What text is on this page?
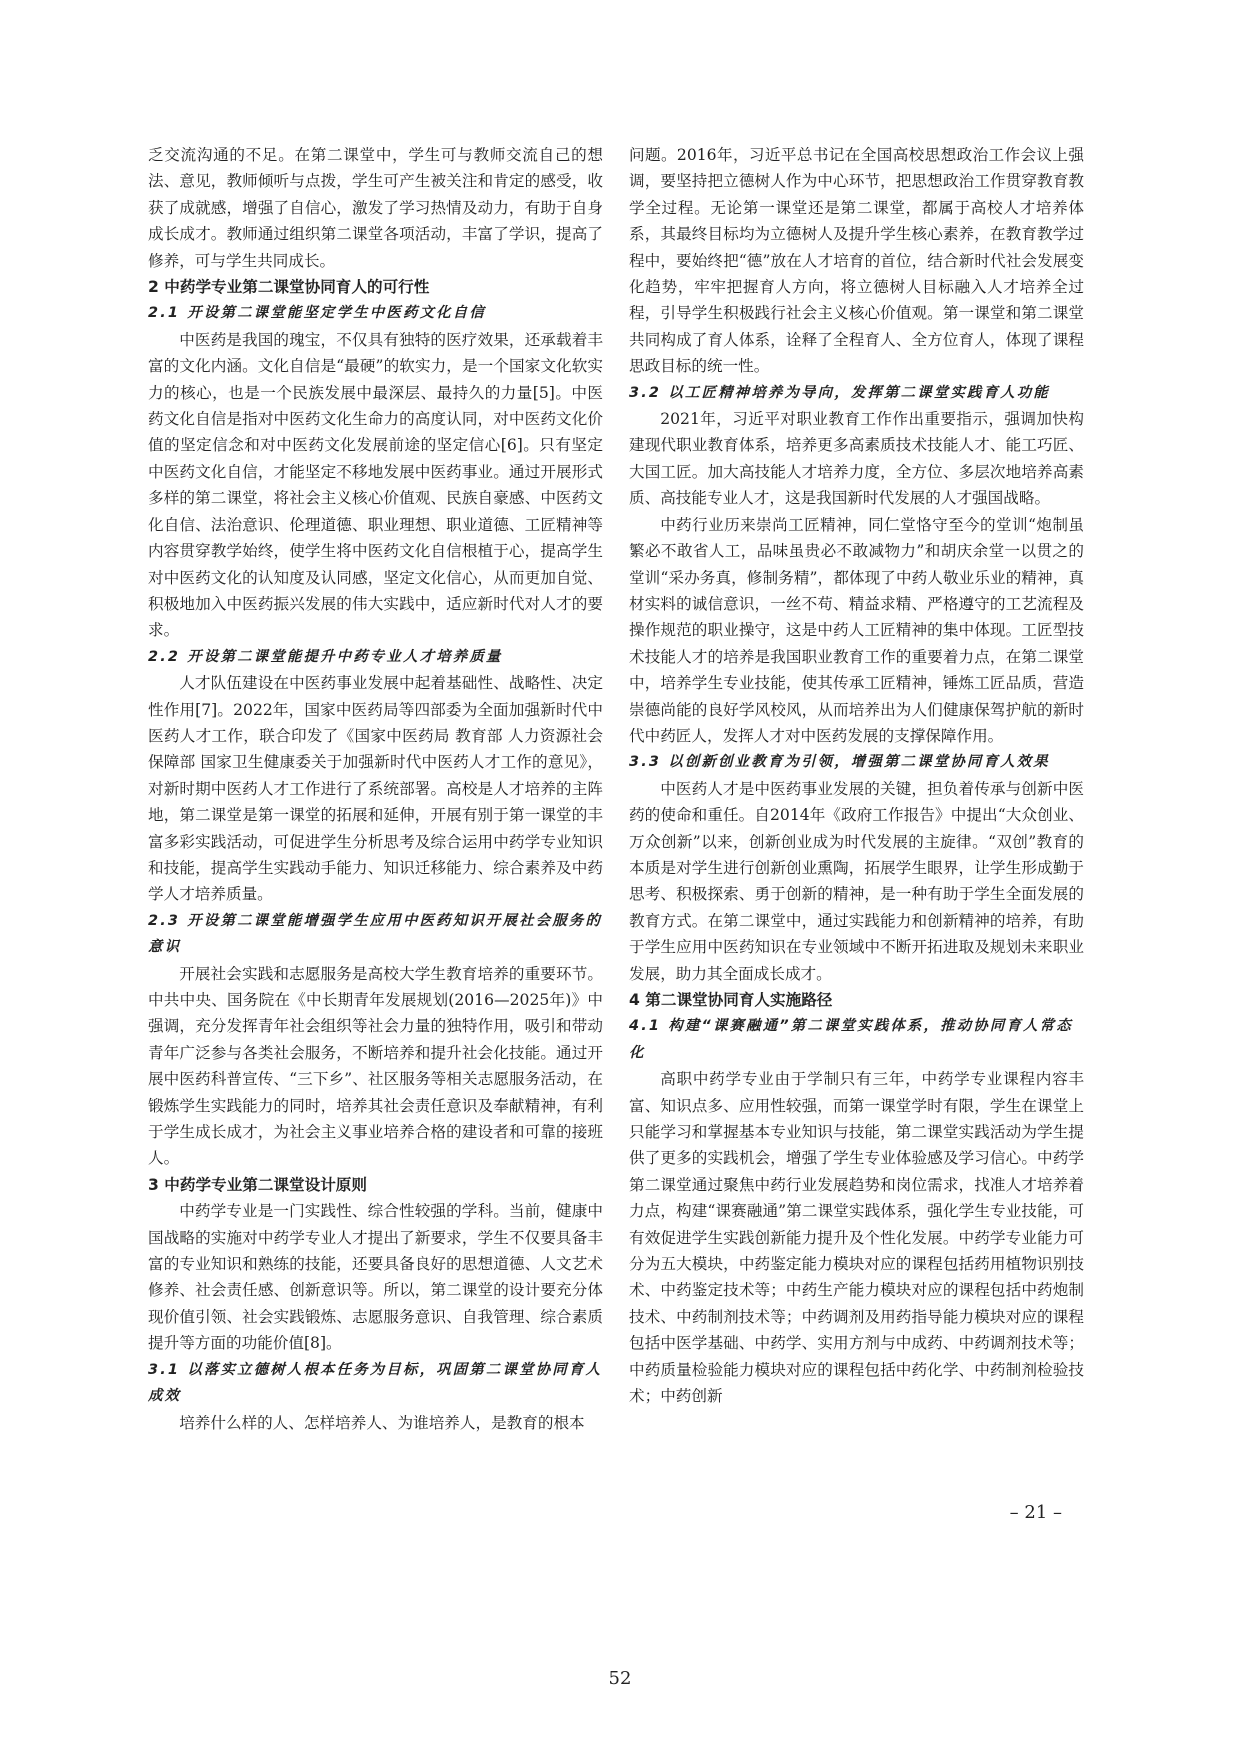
乏交流沟通的不足。在第二课堂中，学生可与教师交流自己的想法、意见，教师倾听与点拨，学生可产生被关注和肯定的感受，收获了成就感，增强了自信心，激发了学习热情及动力，有助于自身成长成才。教师通过组织第二课堂各项活动，丰富了学识，提高了修养，可与学生共同成长。
2 中药学专业第二课堂协同育人的可行性
2.1 开设第二课堂能坚定学生中医药文化自信
中医药是我国的瑰宝，不仅具有独特的医疗效果，还承载着丰富的文化内涵。文化自信是“最硬”的软实力，是一个国家文化软实力的核心，也是一个民族发展中最深层、最持久的力量[5]。中医药文化自信是指对中医药文化生命力的高度认同，对中医药文化价值的坚定信念和对中医药文化发展前途的坚定信心[6]。只有坚定中医药文化自信，才能坚定不移地发展中医药事业。通过开展形式多样的第二课堂，将社会主义核心价值观、民族自豪感、中医药文化自信、法治意识、伦理道德、职业理想、职业道德、工匠精神等内容贯穿教学始终，使学生将中医药文化自信根植于心，提高学生对中医药文化的认知度及认同感，坚定文化信心，从而更加自觉、积极地加入中医药振兴发展的伟大实践中，适应新时代对人才的要求。
2.2 开设第二课堂能提升中药专业人才培养质量
人才队伍建设在中医药事业发展中起着基础性、战略性、决定性作用[7]。2022年，国家中医药局等四部委为全面加强新时代中医药人才工作，联合印发了《国家中医药局 教育部 人力资源社会保障部 国家卫生健康委关于加强新时代中医药人才工作的意见》，对新时期中医药人才工作进行了系统部署。高校是人才培养的主阵地，第二课堂是第一课堂的拓展和延伸，开展有别于第一课堂的丰富多彩实践活动，可促进学生分析思考及综合运用中药学专业知识和技能，提高学生实践动手能力、知识迁移能力、综合素养及中药学人才培养质量。
2.3 开设第二课堂能增强学生应用中医药知识开展社会服务的意识
开展社会实践和志愿服务是高校大学生教育培养的重要环节。中共中央、国务院在《中长期青年发展规划(2016—2025年)》中强调，充分发挥青年社会组织等社会力量的独特作用，吸引和带动青年广泛参与各类社会服务，不断培养和提升社会化技能。通过开展中医药科普宣传、“三下乡”、社区服务等相关志愿服务活动，在锻炼学生实践能力的同时，培养其社会责任意识及奉献精神，有利于学生成长成才，为社会主义事业培养合格的建设者和可靠的接班人。
3 中药学专业第二课堂设计原则
中药学专业是一门实践性、综合性较强的学科。当前，健康中国战略的实施对中药学专业人才提出了新要求，学生不仅要具备丰富的专业知识和熟练的技能，还要具备良好的思想道德、人文艺术修养、社会责任感、创新意识等。所以，第二课堂的设计要充分体现价值引领、社会实践锻炼、志愿服务意识、自我管理、综合素质提升等方面的功能价值[8]。
3.1 以落实立德树人根本任务为目标，巩固第二课堂协同育人成效
培养什么样的人、怎样培养人、为谁培养人，是教育的根本
问题。2016年，习近平总书记在全国高校思想政治工作会议上强调，要坚持把立德树人作为中心环节，把思想政治工作贯穿教育教学全过程。无论第一课堂还是第二课堂，都属于高校人才培养体系，其最终目标均为立德树人及提升学生核心素养，在教育教学过程中，要始终把“德”放在人才培育的首位，结合新时代社会发展变化趋势，牢牢把握育人方向，将立德树人目标融入人才培养全过程，引导学生积极践行社会主义核心价值观。第一课堂和第二课堂共同构成了育人体系，诠释了全程育人、全方位育人，体现了课程思政目标的统一性。
3.2 以工匠精神培养为导向，发挥第二课堂实践育人功能
2021年，习近平对职业教育工作作出重要指示，强调加快构建现代职业教育体系，培养更多高素质技术技能人才、能工巧匠、大国工匠。加大高技能人才培养力度，全方位、多层次地培养高素质、高技能专业人才，这是我国新时代发展的人才强国战略。
中药行业历来崇尚工匠精神，同仁堂恪守至今的堂训“炮制虽繁必不敢省人工，品味虽贵必不敢减物力”和胡庆余堂一以贯之的堂训“采办务真，修制务精”，都体现了中药人敬业乐业的精神，真材实料的诚信意识，一丝不苟、精益求精、严格遵守的工艺流程及操作规范的职业操守，这是中药人工匠精神的集中体现。工匠型技术技能人才的培养是我国职业教育工作的重要着力点，在第二课堂中，培养学生专业技能，使其传承工匠精神，锤炼工匠品质，营造崇德尚能的良好学风校风，从而培养出为人们健康保驾护航的新时代中药匠人，发挥人才对中医药发展的支撑保障作用。
3.3 以创新创业教育为引领，增强第二课堂协同育人效果
中医药人才是中医药事业发展的关键，担负着传承与创新中医药的使命和重任。自2014年《政府工作报告》中提出“大众创业、万众创新”以来，创新创业成为时代发展的主旋律。“双创”教育的本质是对学生进行创新创业熏陶，拓展学生眼界，让学生形成勤于思考、积极探索、勇于创新的精神，是一种有助于学生全面发展的教育方式。在第二课堂中，通过实践能力和创新精神的培养，有助于学生应用中医药知识在专业领域中不断开拓进取及规划未来职业发展，助力其全面成长成才。
4 第二课堂协同育人实施路径
4.1 构建“课赛融通”第二课堂实践体系，推动协同育人常态化
高职中药学专业由于学制只有三年，中药学专业课程内容丰富、知识点多、应用性较强，而第一课堂学时有限，学生在课堂上只能学习和掌握基本专业知识与技能，第二课堂实践活动为学生提供了更多的实践机会，增强了学生专业体验感及学习信心。中药学第二课堂通过聚焦中药行业发展趋势和岗位需求，找准人才培养着力点，构建“课赛融通”第二课堂实践体系，强化学生专业技能，可有效促进学生实践创新能力提升及个性化发展。中药学专业能力可分为五大模块，中药鉴定能力模块对应的课程包括药用植物识别技术、中药鉴定技术等；中药生产能力模块对应的课程包括中药炮制技术、中药制剂技术等；中药调剂及用药指导能力模块对应的课程包括中医学基础、中药学、实用方剂与中成药、中药调剂技术等；中药质量检验能力模块对应的课程包括中药化学、中药制剂检验技术；中药创新
– 21 –
52
